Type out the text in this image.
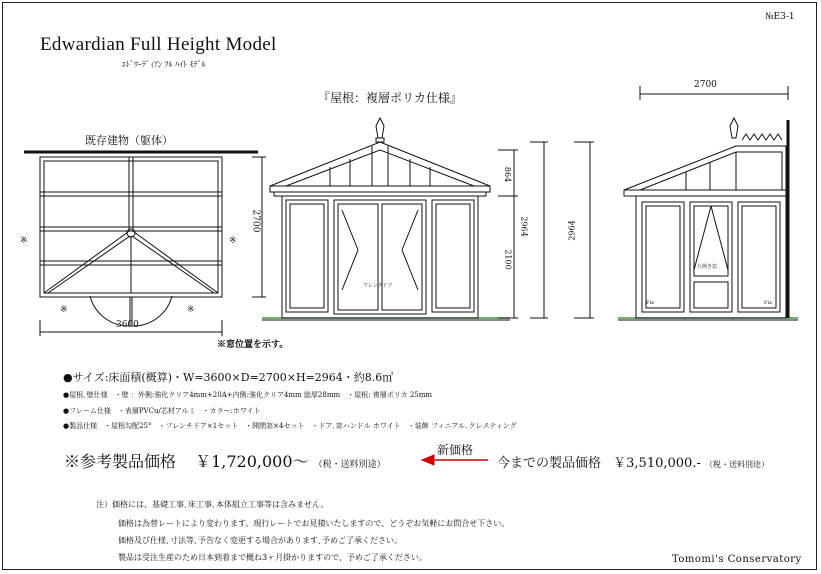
№E3-1
Edwardian Full Height Model
ｴﾄﾞﾜｰﾃﾞｨｱﾝ ﾌﾙ ﾊｲﾄ ﾓﾃﾞﾙ
『屋根：複層ポリカ仕様』
既存建物（躯体）
3600
2700
864
2100
2964	2964
2700
※	※
※	※
フレンチドア
片開き窓
Fix	Fix
※窓位置を示す。
●サイズ:床面積(概算)・W=3600×D=2700×H=2964・約8.6㎡
●屋根､壁仕様　・壁 ：外側:強化クリア4mm+20A+内側:強化クリア4mm 総厚28mm　・屋根: 複層ポリカ 25mm
●フレーム仕様　・表層PVCu/芯材アルミ　・カラー:ホワイト
●製品仕様　・屋根勾配25°　・フレンチドア×1セット　・開閉窓×4セット　・ドア､窓ハンドル ホワイト　・装飾 フィニアル､クレスティング
※参考製品価格 ￥1,720,000〜 （税・送料別途）
新価格
今までの製品価格 ￥3,510,000.- （税・送料別途）
注）価格には、基礎工事､床工事､本体組立工事等は含みません。
価格は為替レートにより変わります。現行レートでお見積いたしますので、どうぞお気軽にお問合せ下さい。
価格及び仕様､寸法等､予告なく変更する場合があります､予めご了承ください。
製品は受注生産のため日本到着まで概ね3ヶ月掛かりますので、予めご了承ください。	Tomomi's Conservatory
